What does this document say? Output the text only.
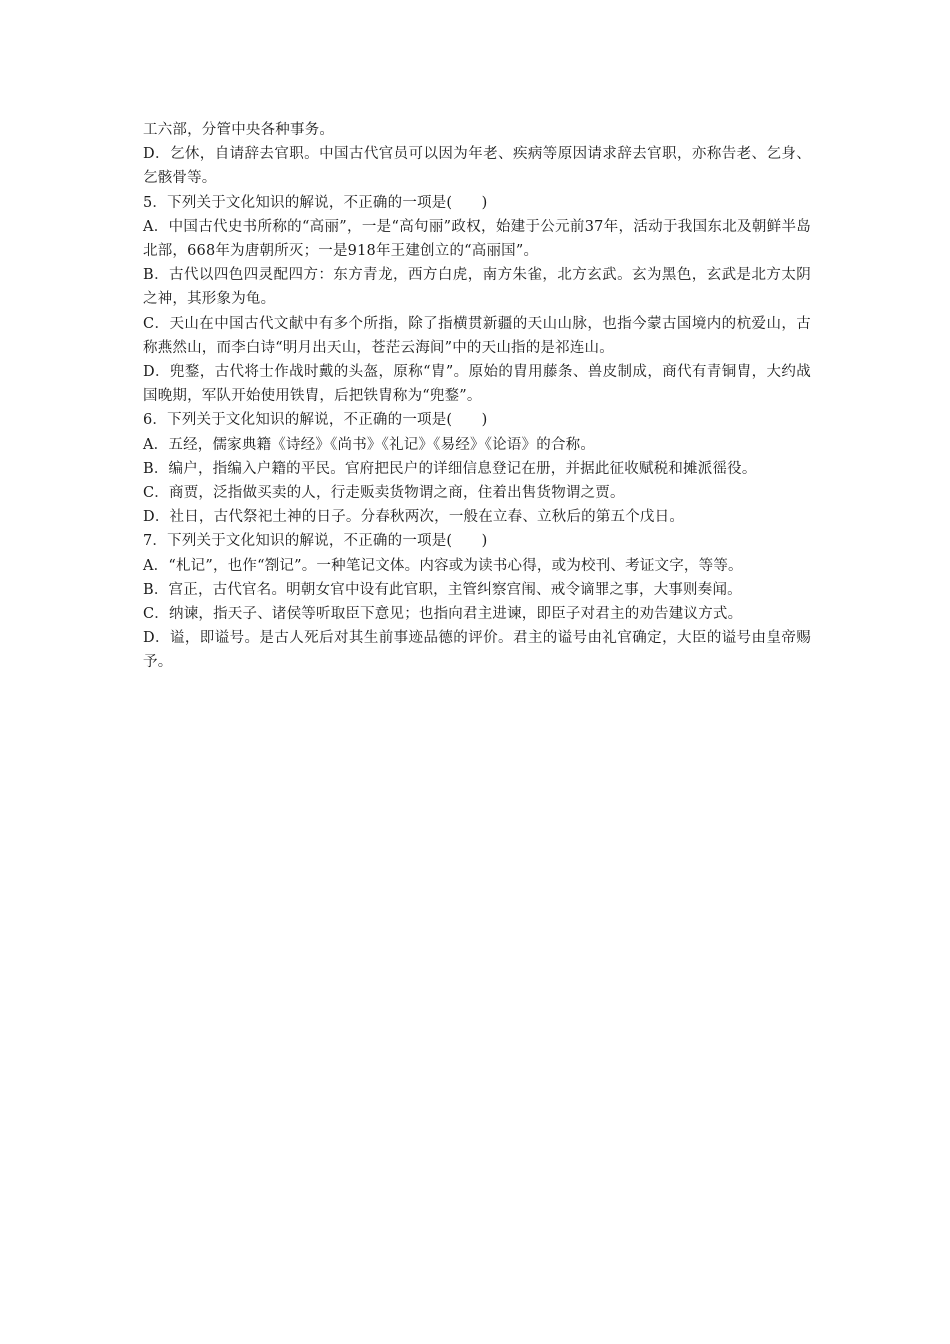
工六部，分管中央各种事务。

D．乞休，自请辞去官职。中国古代官员可以因为年老、疾病等原因请求辞去官职，亦称告老、乞身、乞骸骨等。

5．下列关于文化知识的解说，不正确的一项是(　　)

A．中国古代史书所称的“高丽”，一是“高句丽”政权，始建于公元前37年，活动于我国东北及朝鲜半岛北部，668年为唐朝所灭；一是918年王建创立的“高丽国”。

B．古代以四色四灵配四方：东方青龙，西方白虎，南方朱雀，北方玄武。玄为黑色，玄武是北方太阴之神，其形象为龟。

C．天山在中国古代文献中有多个所指，除了指横贯新疆的天山山脉，也指今蒙古国境内的杭爱山，古称燕然山，而李白诗“明月出天山，苍茫云海间”中的天山指的是祁连山。

D．兜鍪，古代将士作战时戴的头盔，原称“胄”。原始的胄用藤条、兽皮制成，商代有青铜胄，大约战国晚期，军队开始使用铁胄，后把铁胄称为“兜鍪”。

6．下列关于文化知识的解说，不正确的一项是(　　)

A．五经，儒家典籍《诗经》《尚书》《礼记》《易经》《论语》的合称。

B．编户，指编入户籍的平民。官府把民户的详细信息登记在册，并据此征收赋税和摊派徭役。

C．商贾，泛指做买卖的人，行走贩卖货物谓之商，住着出售货物谓之贾。

D．社日，古代祭祀土神的日子。分春秋两次，一般在立春、立秋后的第五个戊日。

7．下列关于文化知识的解说，不正确的一项是(　　)

A．“札记”，也作“劄记”。一种笔记文体。内容或为读书心得，或为校刊、考证文字，等等。

B．宫正，古代官名。明朝女官中设有此官职，主管纠察宫闱、戒令谪罪之事，大事则奏闻。

C．纳谏，指天子、诸侯等听取臣下意见；也指向君主进谏，即臣子对君主的劝告建议方式。

D．谥，即谥号。是古人死后对其生前事迹品德的评价。君主的谥号由礼官确定，大臣的谥号由皇帝赐予。
